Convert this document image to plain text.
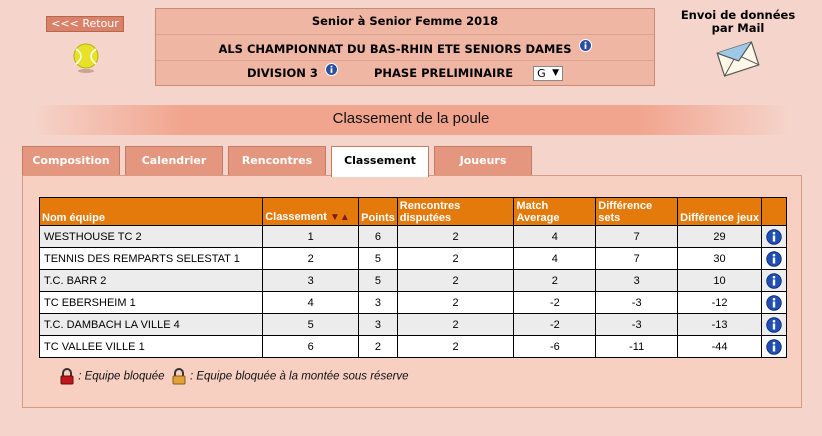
<<< Retour	Senior à Senior Femme 2018
ALS CHAMPIONNAT DU BAS-RHIN ETE SENIORS DAMES
DIVISION 3	PHASE PRELIMINAIRE G ▼
Envoi de données
par Mail
Classement de la poule
Composition	Calendrier	Rencontres	Classement	Joueurs
Nom équipe	Classement ▼▲	Points	Rencontres disputées	Match Average	Différence sets	Différence jeux	
WESTHOUSE TC 2	1	6	2	4	7	29	
TENNIS DES REMPARTS SELESTAT 1	2	5	2	4	7	30	
T.C. BARR 2	3	5	2	2	3	10	
TC EBERSHEIM 1	4	3	2	-2	-3	-12	
T.C. DAMBACH LA VILLE 4	5	3	2	-2	-3	-13	
TC VALLEE VILLE 1	6	2	2	-6	-11	-44	
: Equipe bloquée : Equipe bloquée à la montée sous réserve
